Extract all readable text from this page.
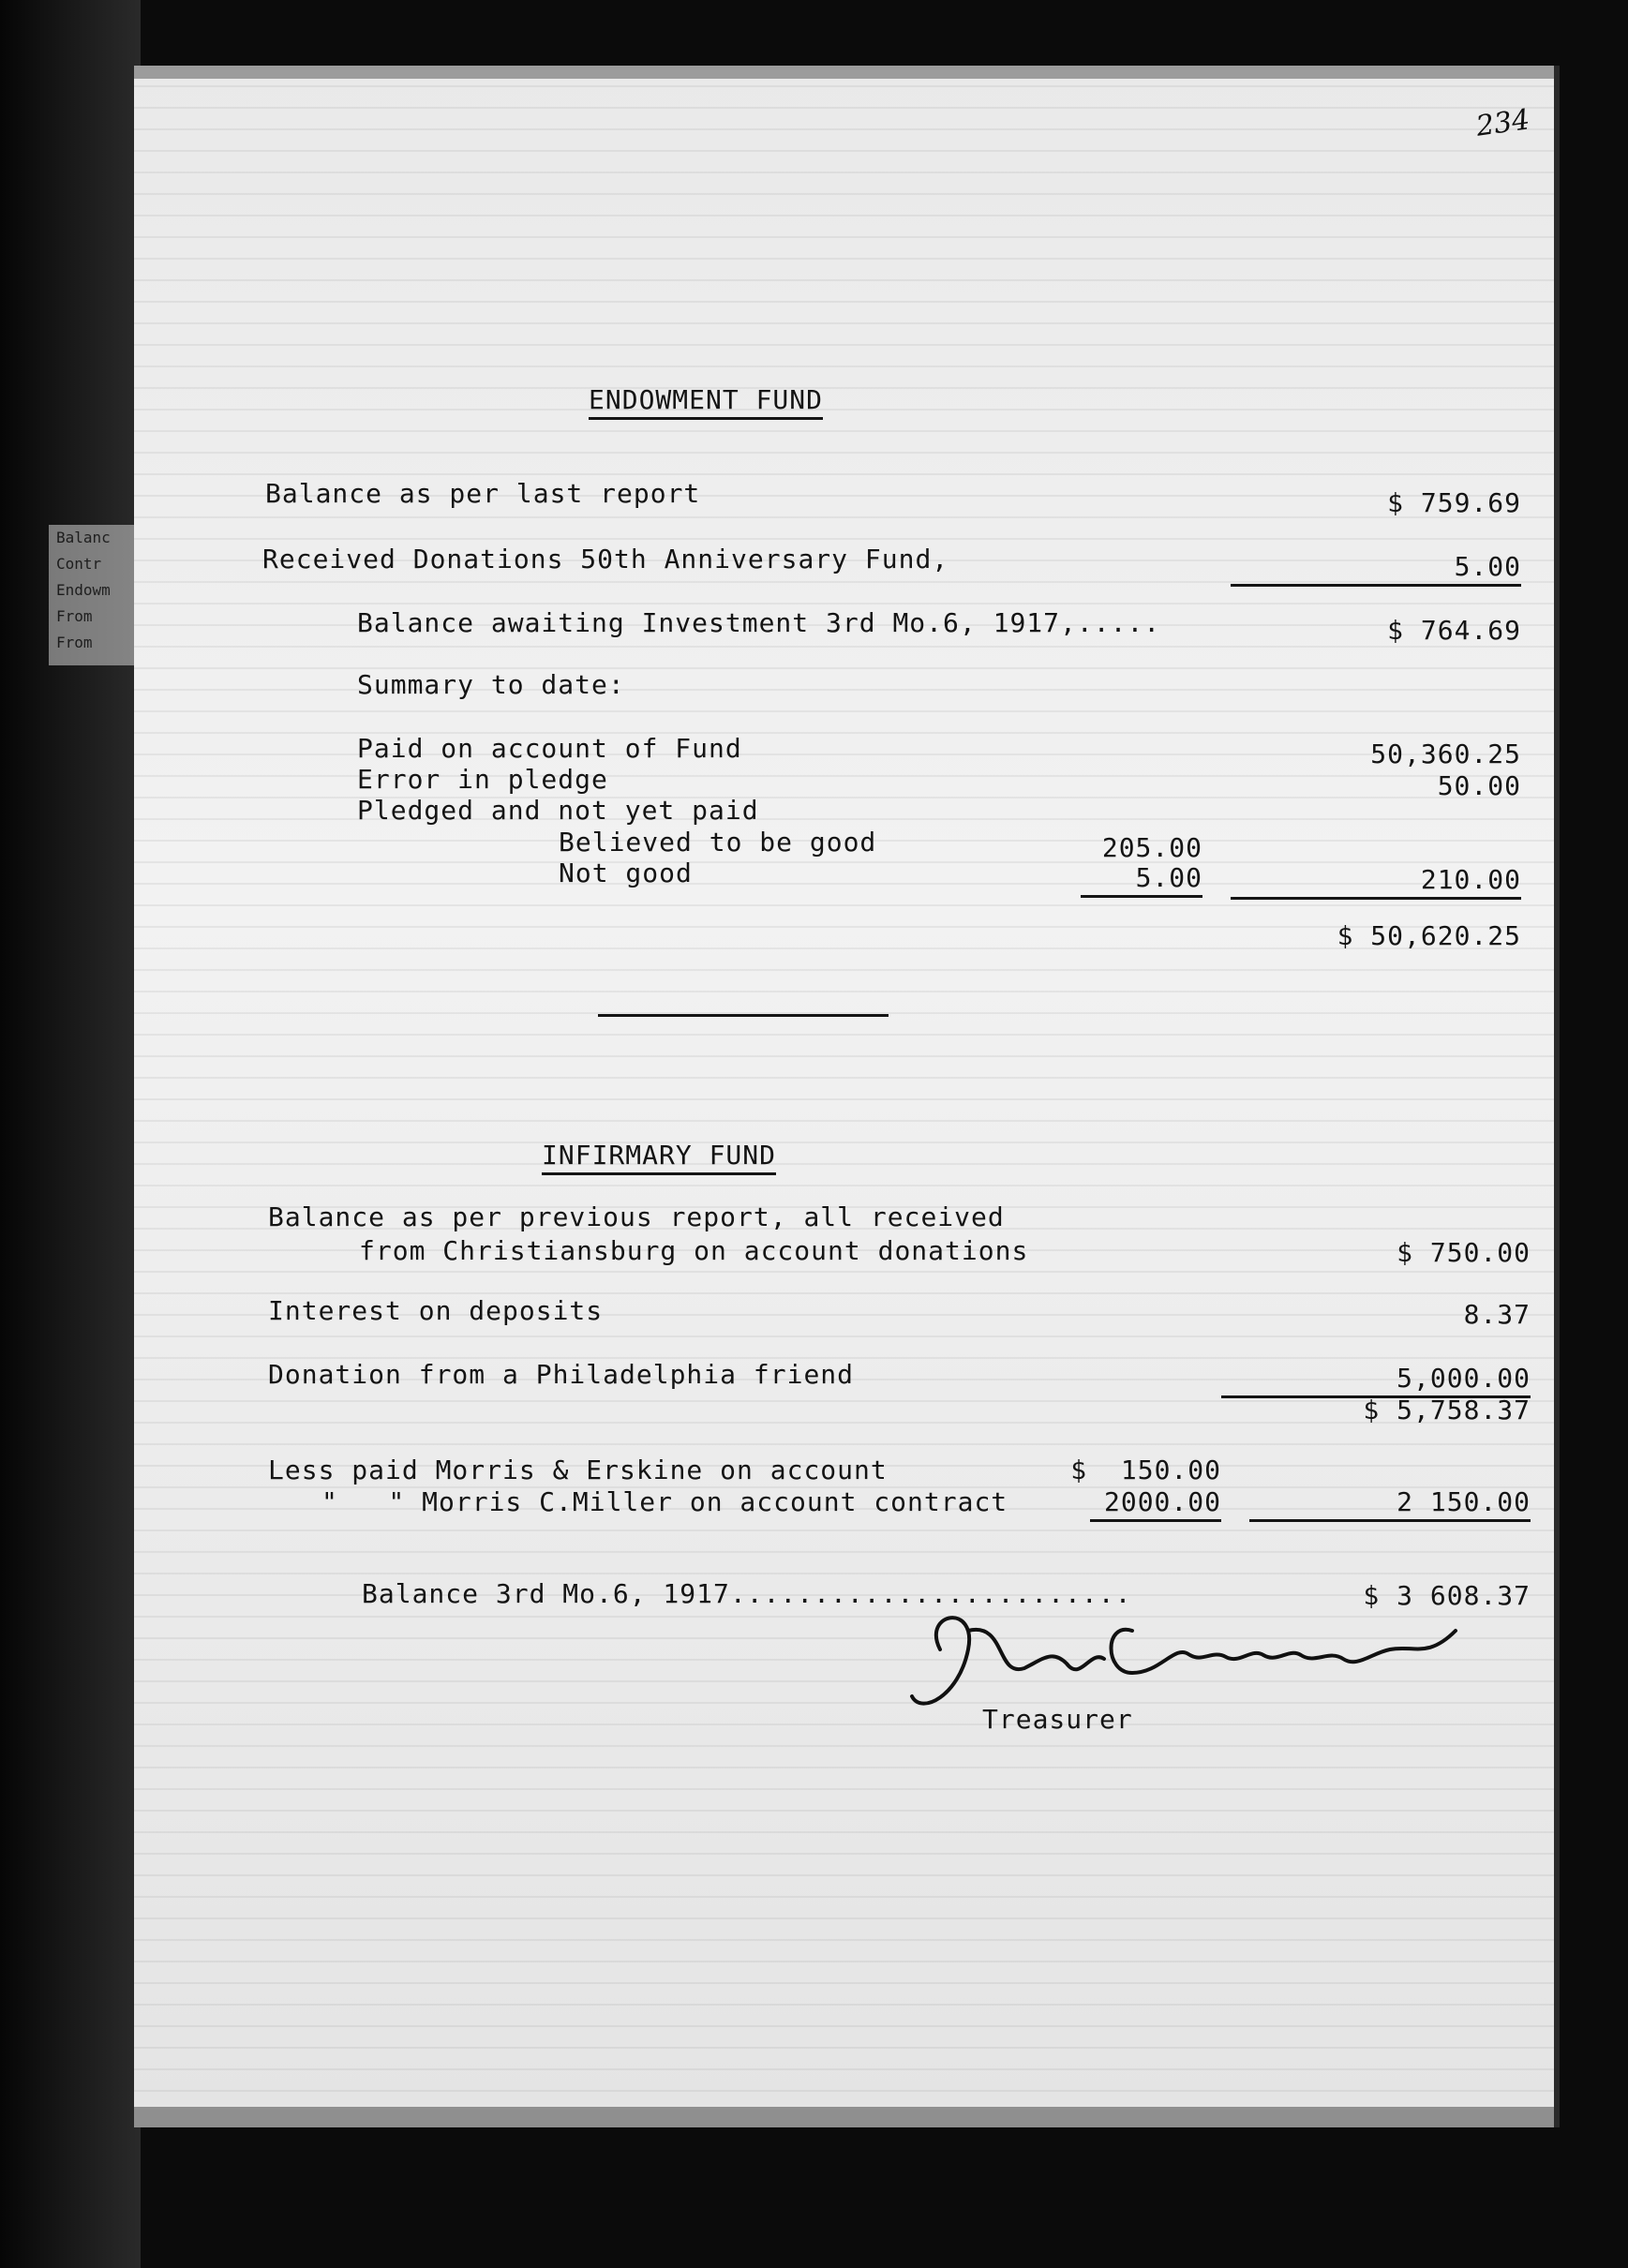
Balanc
Contr
Endowm
From
From
234
ENDOWMENT FUND
Balance as per last report	$ 759.69
Received Donations 50th Anniversary Fund,	5.00
Balance awaiting Investment 3rd Mo.6, 1917,.....	$ 764.69
Summary to date:
Paid on account of Fund	50,360.25
Error in pledge	50.00
Pledged and not yet paid
Believed to be good	205.00
Not good	5.00	210.00
$ 50,620.25
INFIRMARY FUND
Balance as per previous report, all received
from Christiansburg on account donations	$ 750.00
Interest on deposits	8.37
Donation from a Philadelphia friend	5,000.00
$ 5,758.37
Less paid Morris & Erskine on account	$  150.00
"   " Morris C.Miller on account contract	2000.00	2 150.00
Balance 3rd Mo.6, 1917........................	$ 3 608.37
Treasurer
